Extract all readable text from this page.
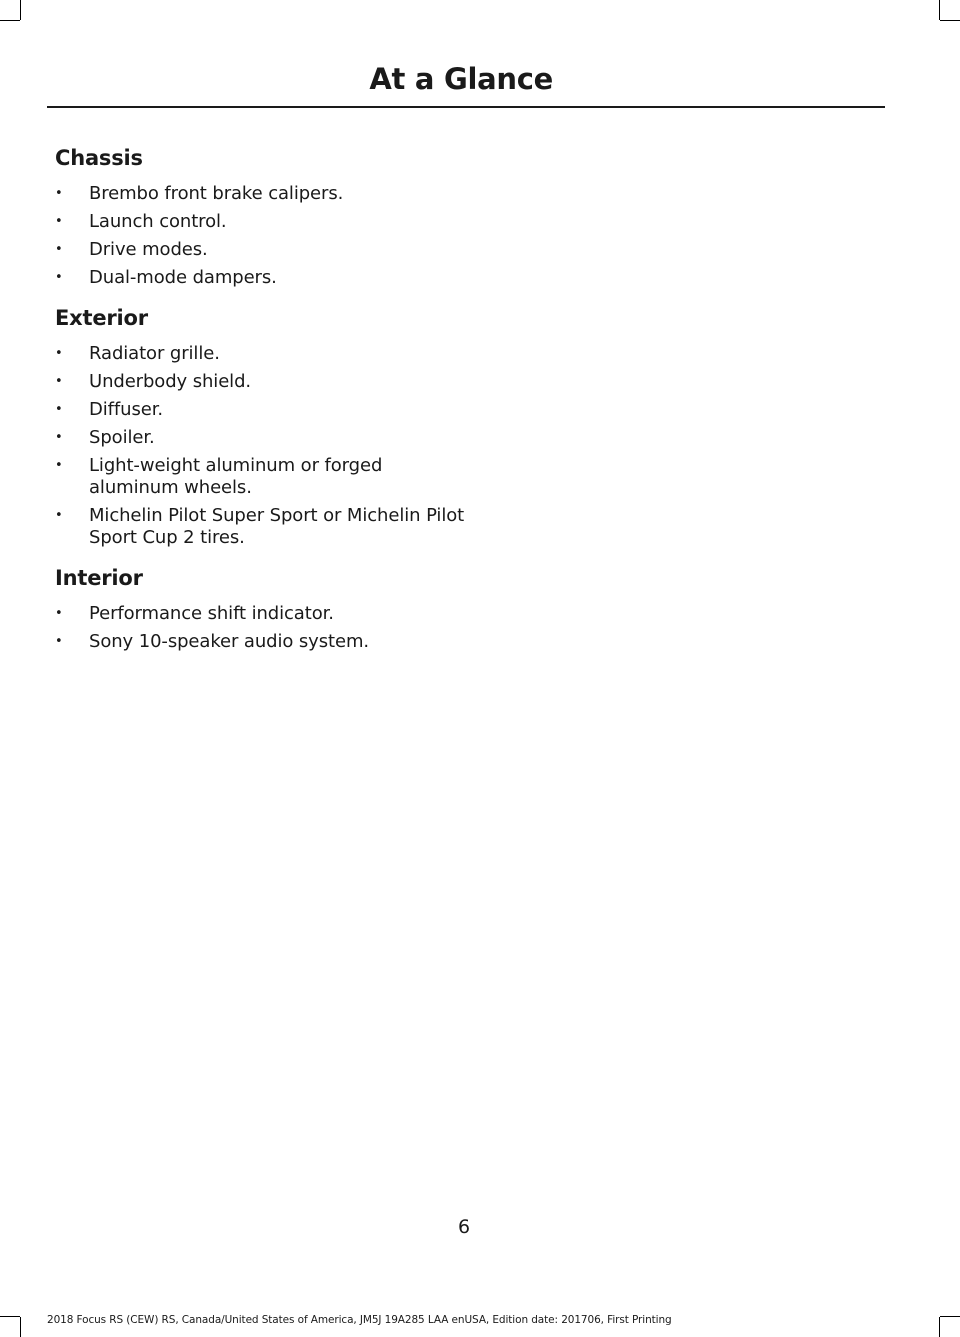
At a Glance
Chassis
• Brembo front brake calipers.
• Launch control.
• Drive modes.
• Dual-mode dampers.
Exterior
• Radiator grille.
• Underbody shield.
• Diffuser.
• Spoiler.
• Light-weight aluminum or forged aluminum wheels.
• Michelin Pilot Super Sport or Michelin Pilot Sport Cup 2 tires.
Interior
• Performance shift indicator.
• Sony 10-speaker audio system.
6
2018 Focus RS (CEW) RS, Canada/United States of America, JM5J 19A285 LAA enUSA, Edition date: 201706, First Printing
